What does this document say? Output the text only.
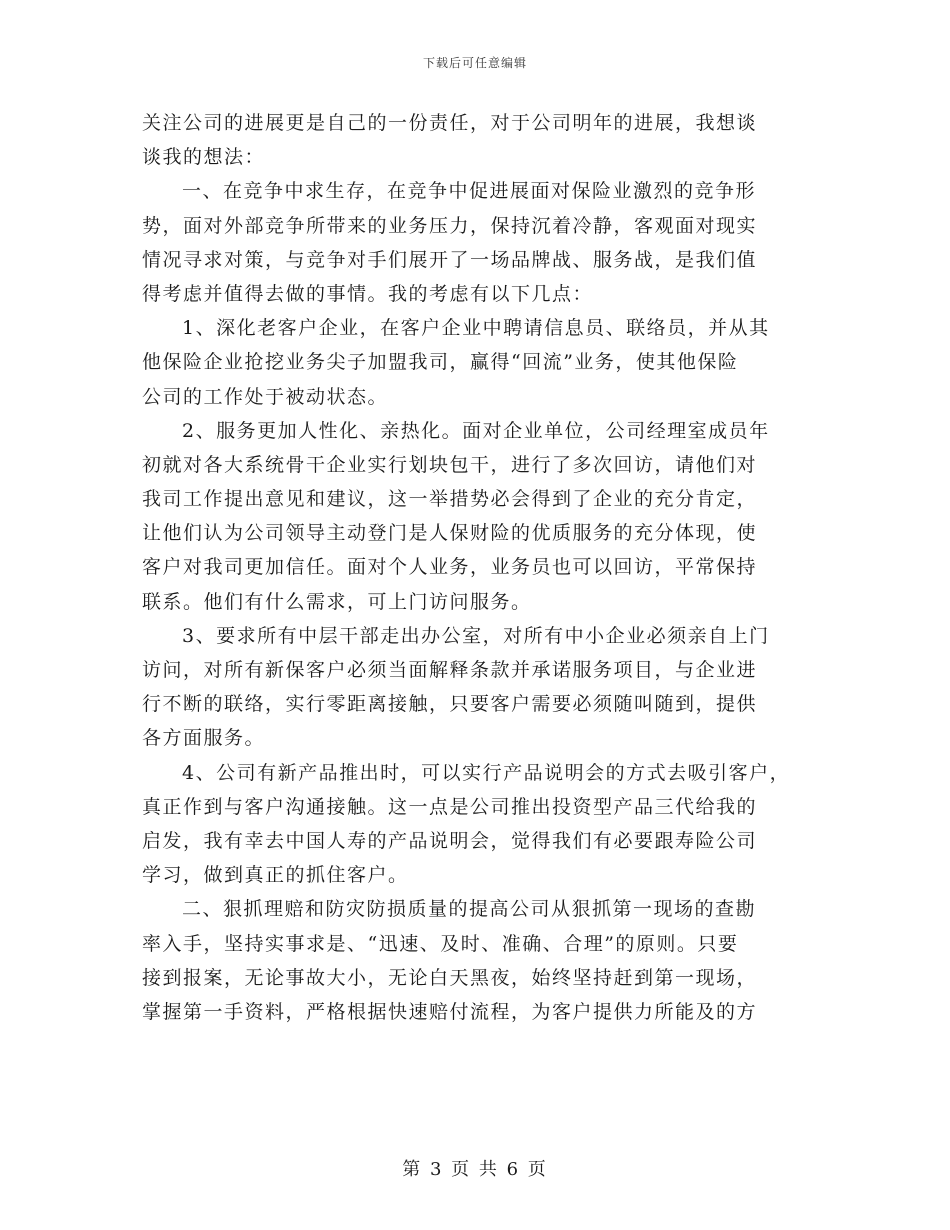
下载后可任意编辑
关注公司的进展更是自己的一份责任，对于公司明年的进展，我想谈
谈我的想法：
一、在竞争中求生存，在竞争中促进展面对保险业激烈的竞争形
势，面对外部竞争所带来的业务压力，保持沉着冷静，客观面对现实
情况寻求对策，与竞争对手们展开了一场品牌战、服务战，是我们值
得考虑并值得去做的事情。我的考虑有以下几点：
1、深化老客户企业，在客户企业中聘请信息员、联络员，并从其
他保险企业抢挖业务尖子加盟我司，赢得“回流”业务，使其他保险
公司的工作处于被动状态。
2、服务更加人性化、亲热化。面对企业单位，公司经理室成员年
初就对各大系统骨干企业实行划块包干，进行了多次回访，请他们对
我司工作提出意见和建议，这一举措势必会得到了企业的充分肯定，
让他们认为公司领导主动登门是人保财险的优质服务的充分体现，使
客户对我司更加信任。面对个人业务，业务员也可以回访，平常保持
联系。他们有什么需求，可上门访问服务。
3、要求所有中层干部走出办公室，对所有中小企业必须亲自上门
访问，对所有新保客户必须当面解释条款并承诺服务项目，与企业进
行不断的联络，实行零距离接触，只要客户需要必须随叫随到，提供
各方面服务。
4、公司有新产品推出时，可以实行产品说明会的方式去吸引客户，
真正作到与客户沟通接触。这一点是公司推出投资型产品三代给我的
启发，我有幸去中国人寿的产品说明会，觉得我们有必要跟寿险公司
学习，做到真正的抓住客户。
二、狠抓理赔和防灾防损质量的提高公司从狠抓第一现场的查勘
率入手，坚持实事求是、“迅速、及时、准确、合理”的原则。只要
接到报案，无论事故大小，无论白天黑夜，始终坚持赶到第一现场，
掌握第一手资料，严格根据快速赔付流程，为客户提供力所能及的方
第 3 页 共 6 页
